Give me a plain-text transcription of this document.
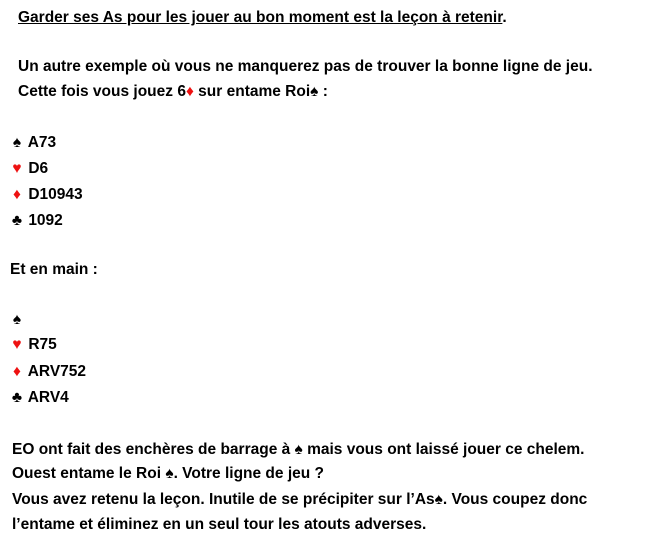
Garder ses As pour les jouer au bon moment est la leçon à retenir.
Un autre exemple où vous ne manquerez pas de trouver la bonne ligne de jeu.
Cette fois vous jouez 6♦ sur entame Roi♠ :
♠ A73
♥ D6
♦ D10943
♣ 1092
Et en main :
♠
♥ R75
♦ ARV752
♣ ARV4
EO ont fait des enchères de barrage à ♠ mais vous ont laissé jouer ce chelem.
Ouest entame le Roi ♠. Votre ligne de jeu ?
Vous avez retenu la leçon. Inutile de se précipiter sur l’As♠. Vous coupez donc
l’entame et éliminez en un seul tour les atouts adverses.
